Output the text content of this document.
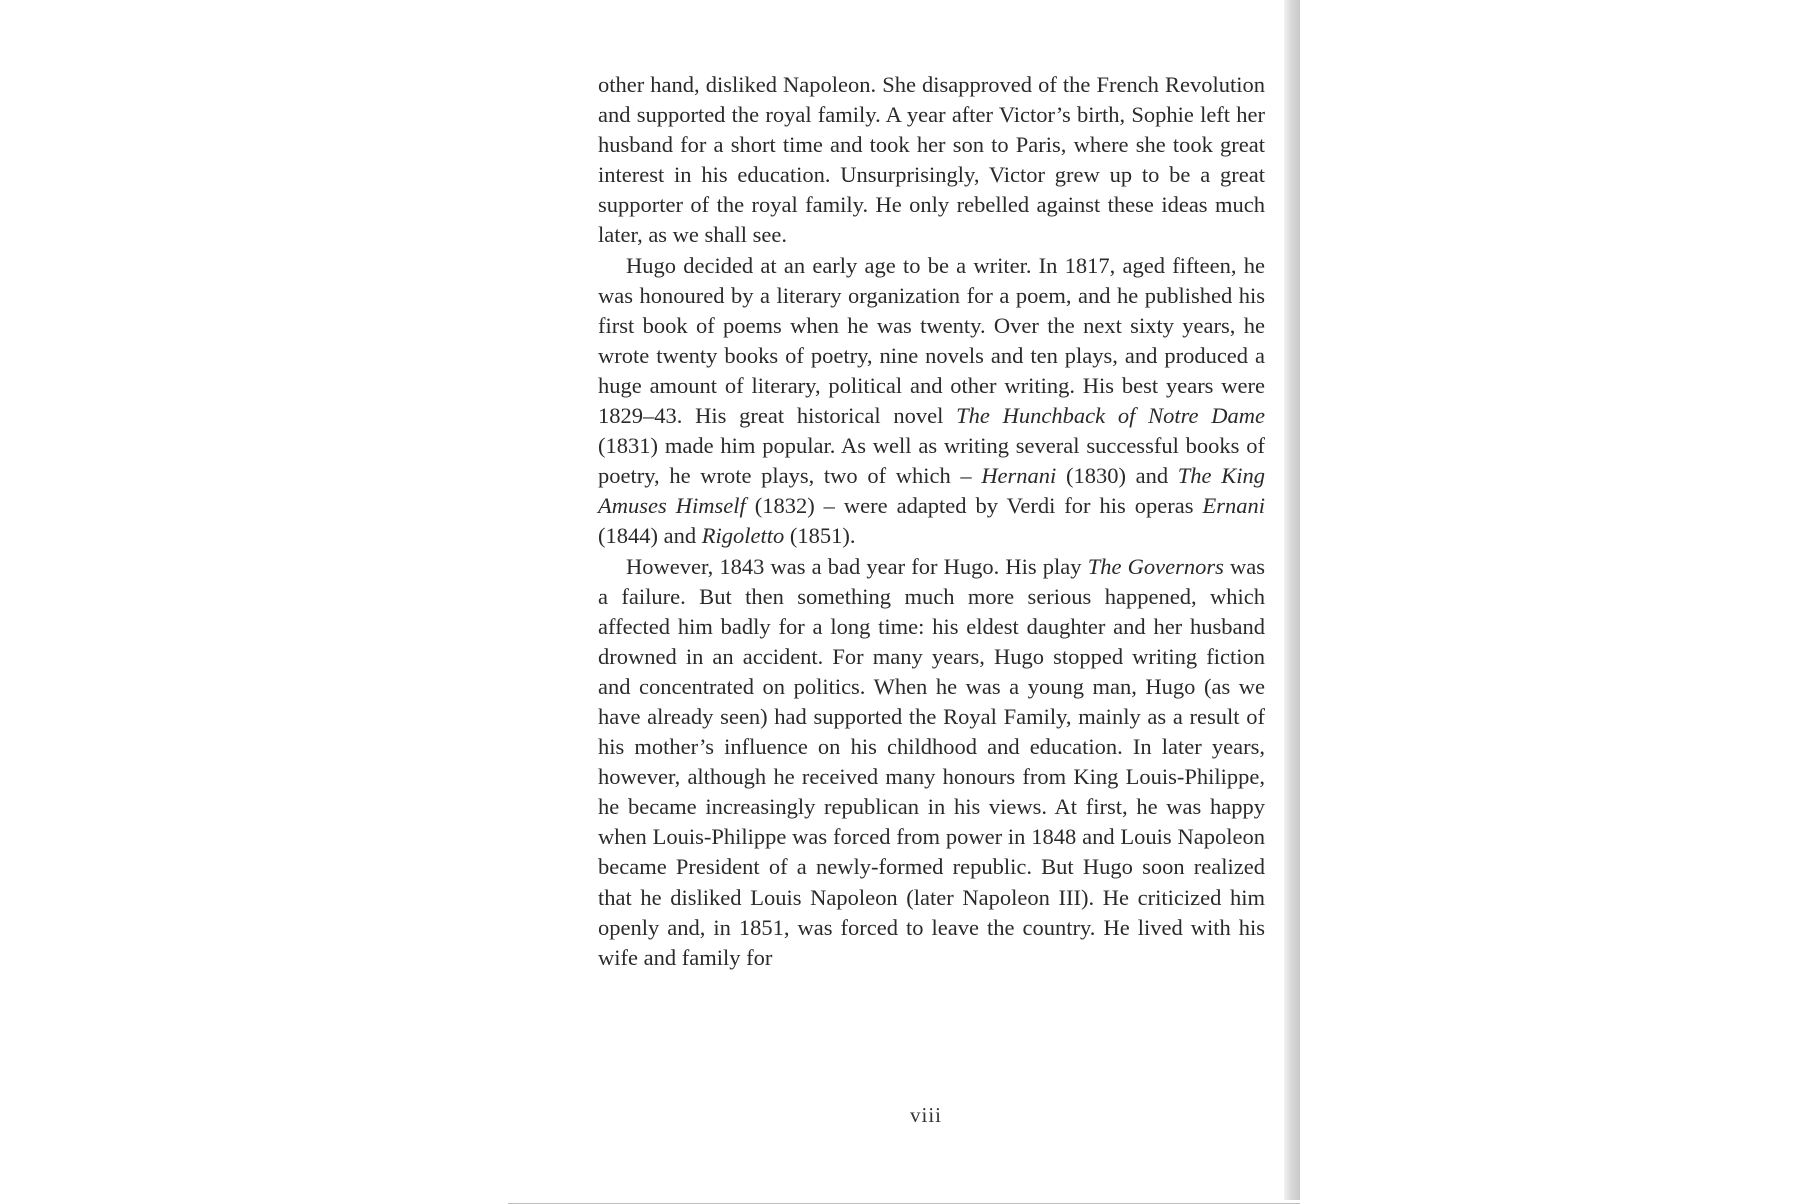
other hand, disliked Napoleon. She disapproved of the French Revolution and supported the royal family. A year after Victor’s birth, Sophie left her husband for a short time and took her son to Paris, where she took great interest in his education. Unsurprisingly, Victor grew up to be a great supporter of the royal family. He only rebelled against these ideas much later, as we shall see.

Hugo decided at an early age to be a writer. In 1817, aged fifteen, he was honoured by a literary organization for a poem, and he published his first book of poems when he was twenty. Over the next sixty years, he wrote twenty books of poetry, nine novels and ten plays, and produced a huge amount of literary, political and other writing. His best years were 1829–43. His great historical novel The Hunchback of Notre Dame (1831) made him popular. As well as writing several successful books of poetry, he wrote plays, two of which – Hernani (1830) and The King Amuses Himself (1832) – were adapted by Verdi for his operas Ernani (1844) and Rigoletto (1851).

However, 1843 was a bad year for Hugo. His play The Governors was a failure. But then something much more serious happened, which affected him badly for a long time: his eldest daughter and her husband drowned in an accident. For many years, Hugo stopped writing fiction and concentrated on politics. When he was a young man, Hugo (as we have already seen) had supported the Royal Family, mainly as a result of his mother’s influence on his childhood and education. In later years, however, although he received many honours from King Louis-Philippe, he became increasingly republican in his views. At first, he was happy when Louis-Philippe was forced from power in 1848 and Louis Napoleon became President of a newly-formed republic. But Hugo soon realized that he disliked Louis Napoleon (later Napoleon III). He criticized him openly and, in 1851, was forced to leave the country. He lived with his wife and family for

viii
